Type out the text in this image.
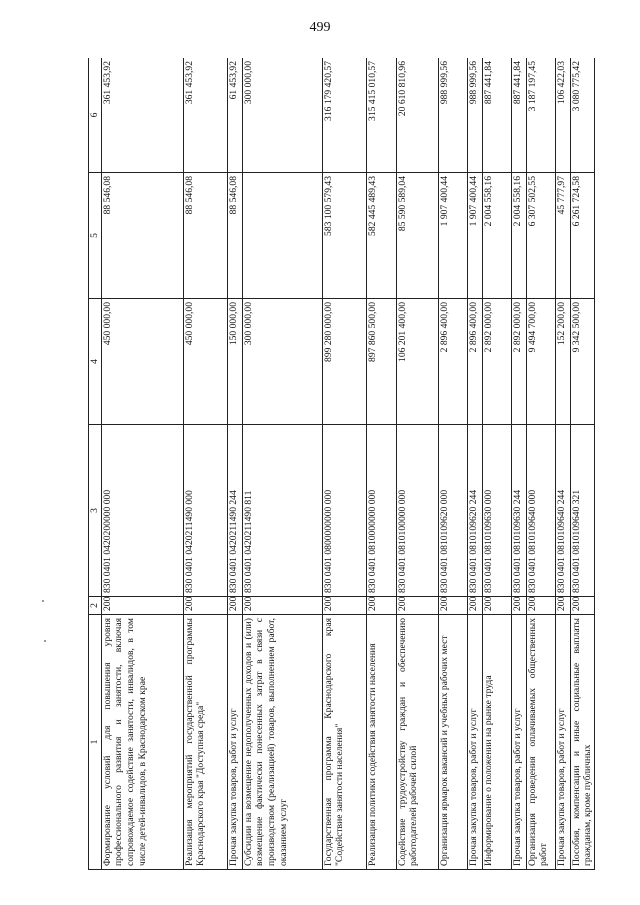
499
1	2	3	4	5	6
Формирование условий для повышения уровня профессионального развития и занятости, включая сопровождаемое содействие занятости, инвалидов, в том числе детей-инвалидов, в Краснодарском крае	200	830 0401 0420200000 000	450 000,00	88 546,08	361 453,92
Реализация мероприятий государственной программы Краснодарского края "Доступная среда"	200	830 0401 0420211490 000	450 000,00	88 546,08	361 453,92
Прочая закупка товаров, работ и услуг	200	830 0401 0420211490 244	150 000,00	88 546,08	61 453,92
Субсидии на возмещение недополученных доходов и (или) возмещение фактически понесенных затрат в связи с производством (реализацией) товаров, выполнением работ, оказанием услуг	200	830 0401 0420211490 811	300 000,00		300 000,00
Государственная программа Краснодарского края "Содействие занятости населения"	200	830 0401 0800000000 000	899 280 000,00	583 100 579,43	316 179 420,57
Реализация политики содействия занятости населения	200	830 0401 0810000000 000	897 860 500,00	582 445 489,43	315 415 010,57
Содействие трудоустройству граждан и обеспечению работодателей рабочей силой	200	830 0401 0810100000 000	106 201 400,00	85 590 589,04	20 610 810,96
Организация ярмарок вакансий и учебных рабочих мест	200	830 0401 0810109620 000	2 896 400,00	1 907 400,44	988 999,56
Прочая закупка товаров, работ и услуг	200	830 0401 0810109620 244	2 896 400,00	1 907 400,44	988 999,56
Информирование о положении на рынке труда	200	830 0401 0810109630 000	2 892 000,00	2 004 558,16	887 441,84
Прочая закупка товаров, работ и услуг	200	830 0401 0810109630 244	2 892 000,00	2 004 558,16	887 441,84
Организация проведения оплачиваемых общественных работ	200	830 0401 0810109640 000	9 494 700,00	6 307 502,55	3 187 197,45
Прочая закупка товаров, работ и услуг	200	830 0401 0810109640 244	152 200,00	45 777,97	106 422,03
Пособия, компенсации и иные социальные выплаты гражданам, кроме публичных	200	830 0401 0810109640 321	9 342 500,00	6 261 724,58	3 080 775,42
